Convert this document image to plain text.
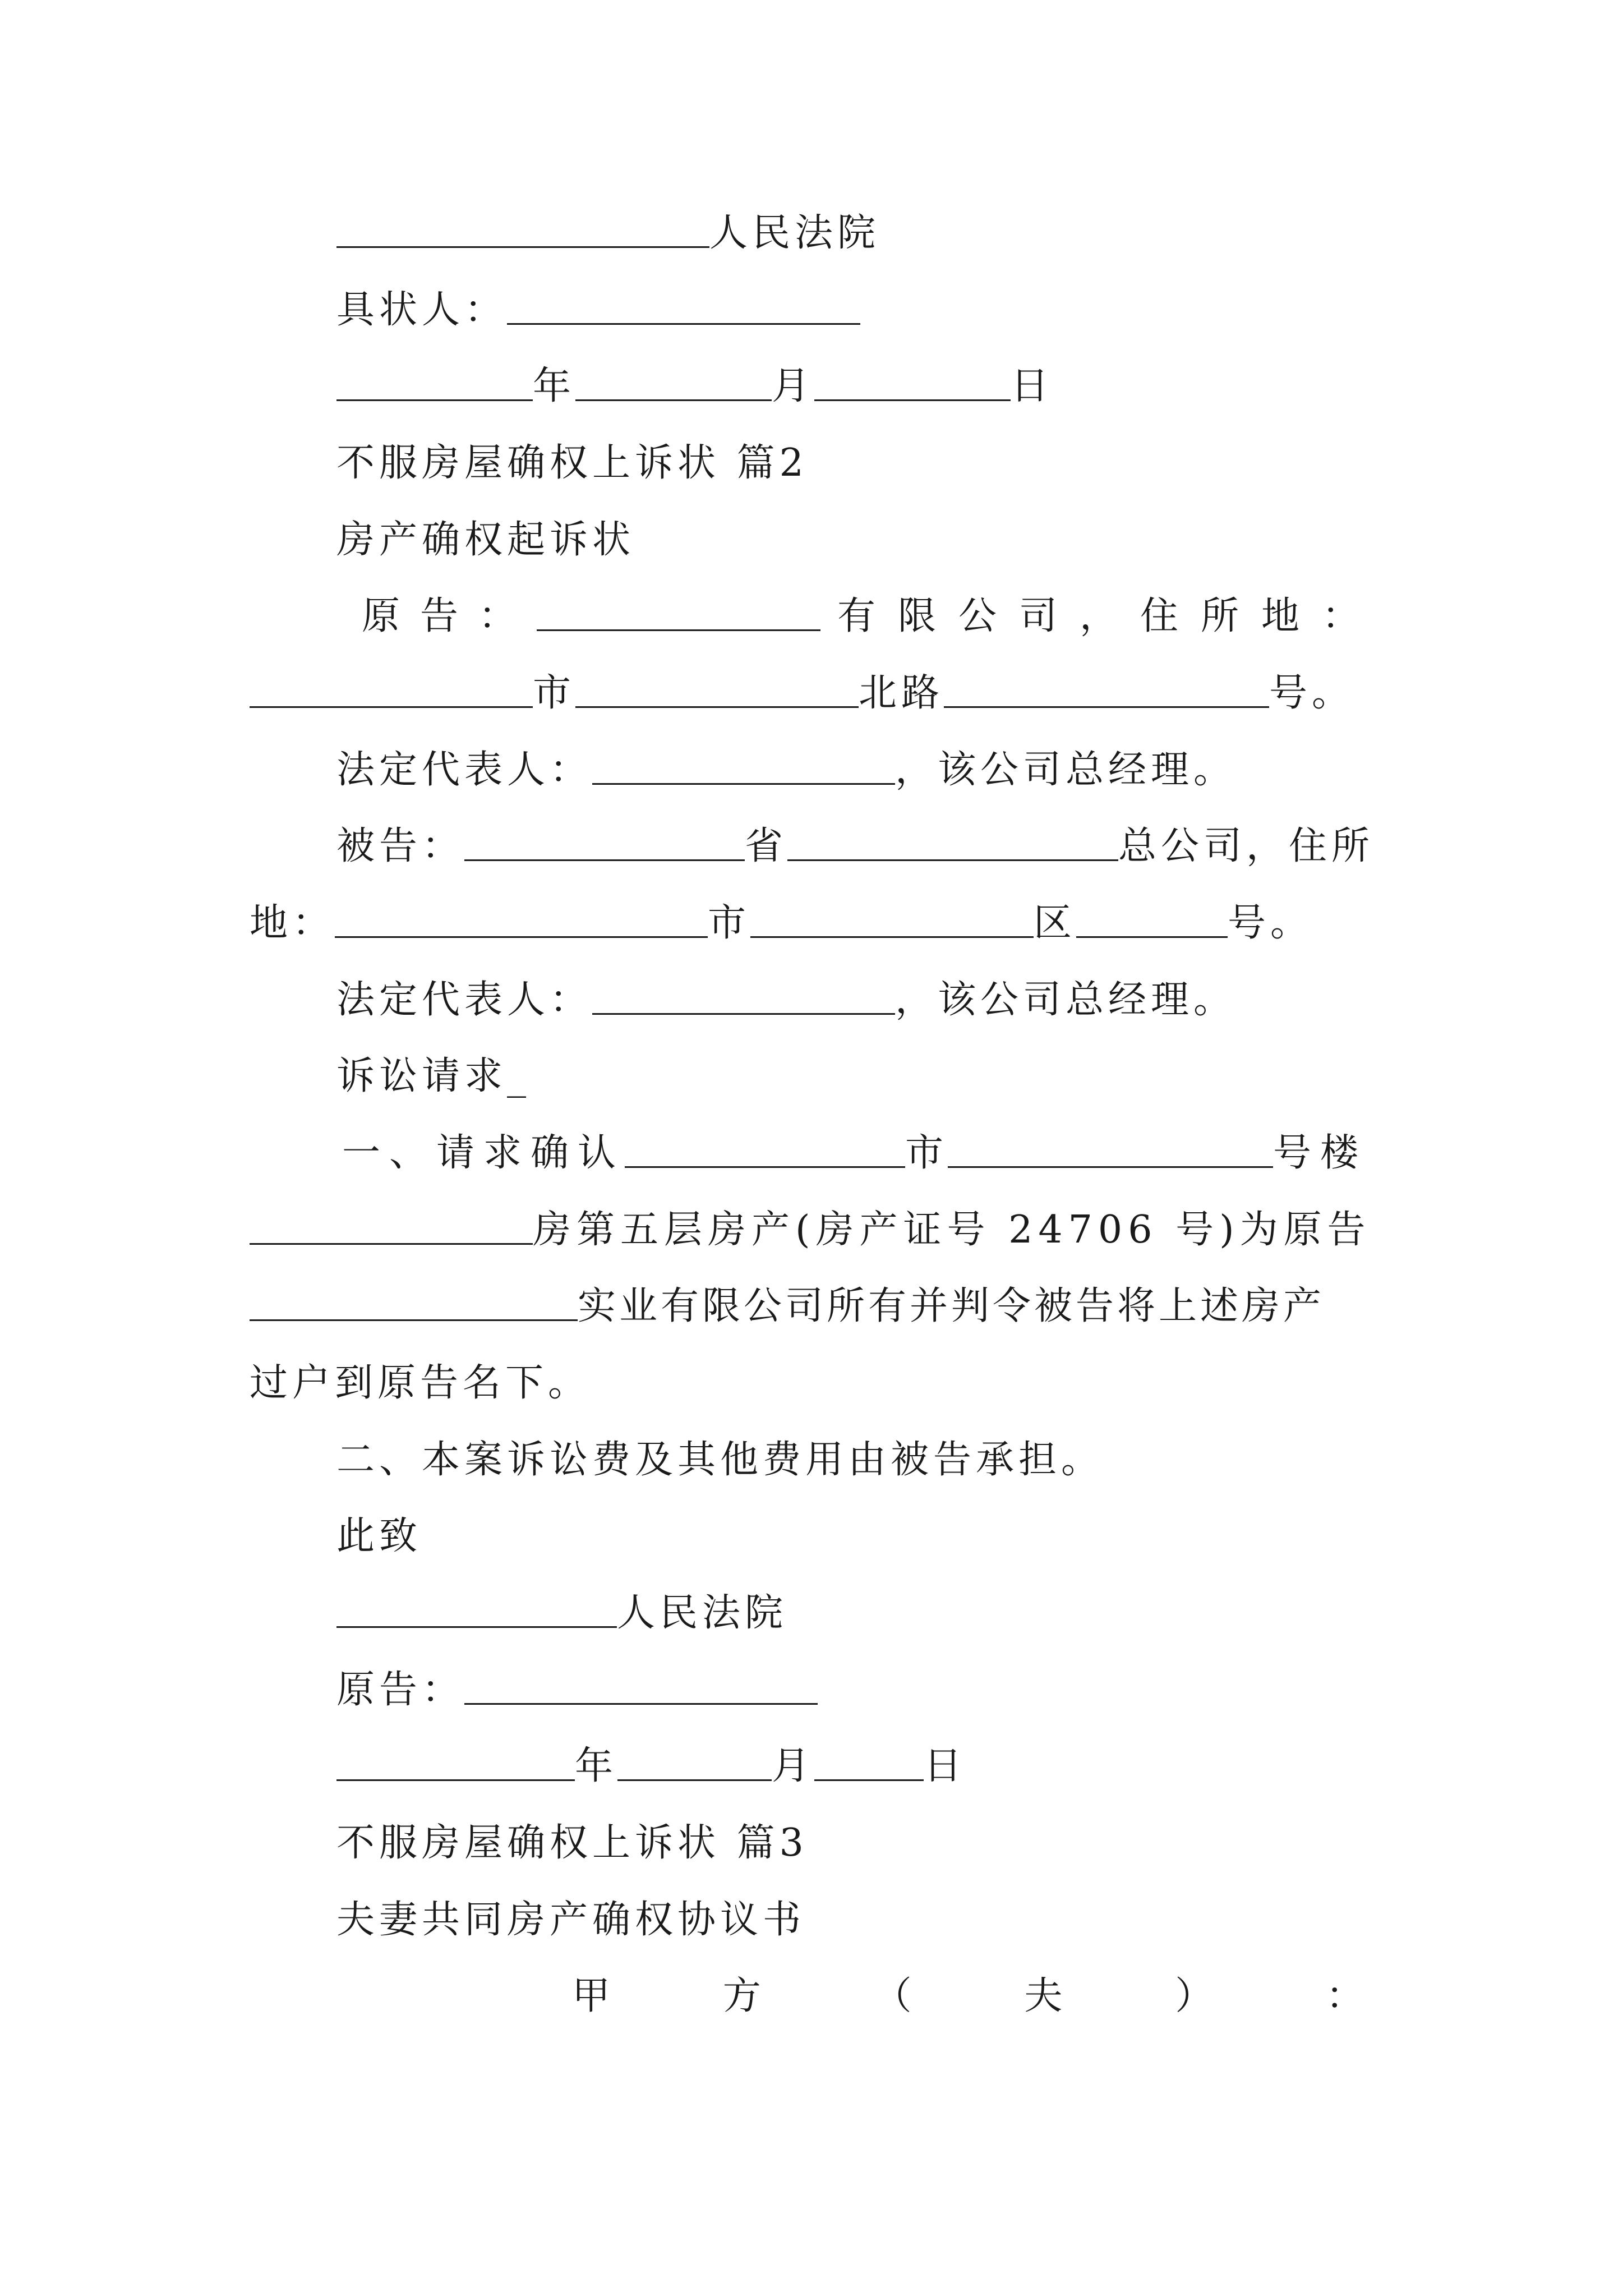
人民法院
具状人：
年	月	日
不服房屋确权上诉状 篇2
房产确权起诉状
原告：	有限公司，住所地：
市	北路	号。
法定代表人：	，该公司总经理。
被告：	省	总公司，住所
地：	市	区	号。
法定代表人：	，该公司总经理。
诉讼请求_
一、请求确认	市	号楼
房第五层房产(房产证号 24706 号)为原告
实业有限公司所有并判令被告将上述房产
过户到原告名下。
二、本案诉讼费及其他费用由被告承担。
此致
人民法院
原告：
年	月	日
不服房屋确权上诉状 篇3
夫妻共同房产确权协议书
甲	方	（	夫	）	：
